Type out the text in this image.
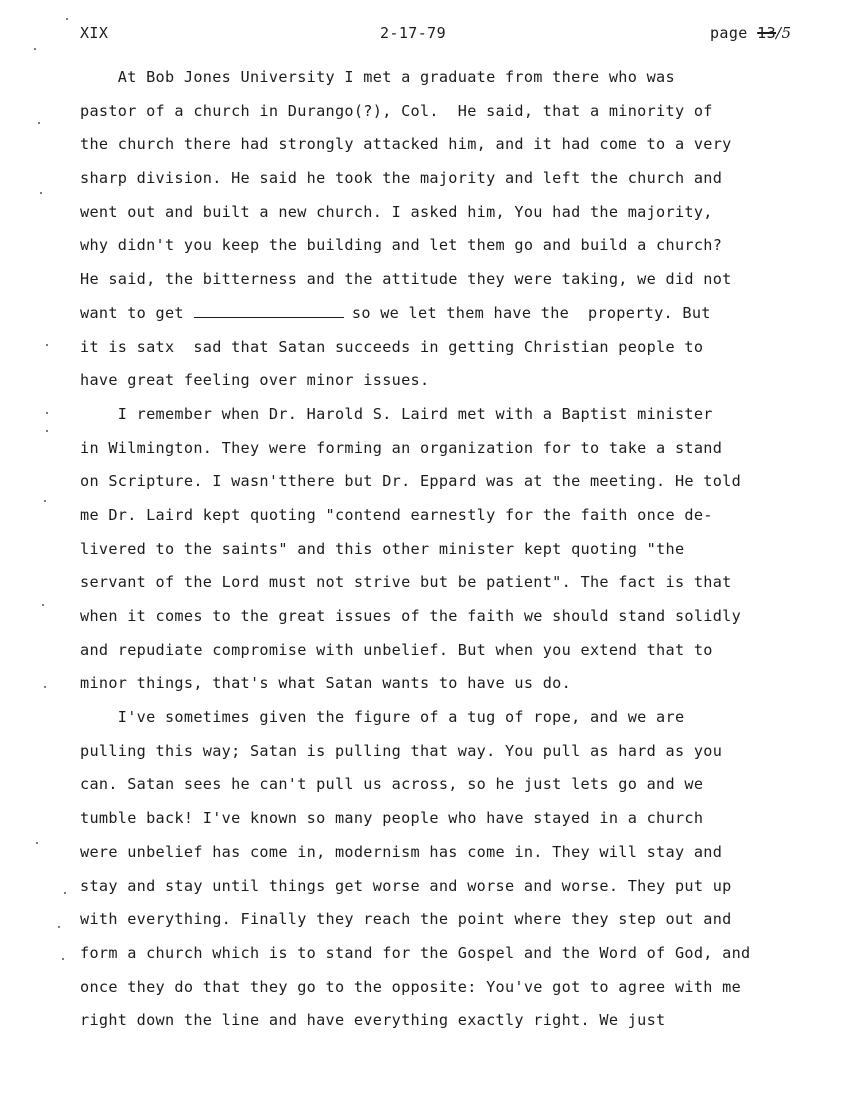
XIX	2-17-79	page 13/5
At Bob Jones University I met a graduate from there who was
pastor of a church in Durango(?), Col.  He said, that a minority of
the church there had strongly attacked him, and it had come to a very
sharp division. He said he took the majority and left the church and
went out and built a new church. I asked him, You had the majority,
why didn't you keep the building and let them go and build a church?
He said, the bitterness and the attitude they were taking, we did not
want to get	so we let them have the  property. But
it is satx  sad that Satan succeeds in getting Christian people to
have great feeling over minor issues.
I remember when Dr. Harold S. Laird met with a Baptist minister
in Wilmington. They were forming an organization for to take a stand
on Scripture. I wasn'tthere but Dr. Eppard was at the meeting. He told
me Dr. Laird kept quoting "contend earnestly for the faith once de-
livered to the saints" and this other minister kept quoting "the
servant of the Lord must not strive but be patient". The fact is that
when it comes to the great issues of the faith we should stand solidly
and repudiate compromise with unbelief. But when you extend that to
minor things, that's what Satan wants to have us do.
I've sometimes given the figure of a tug of rope, and we are
pulling this way; Satan is pulling that way. You pull as hard as you
can. Satan sees he can't pull us across, so he just lets go and we
tumble back! I've known so many people who have stayed in a church
were unbelief has come in, modernism has come in. They will stay and
stay and stay until things get worse and worse and worse. They put up
with everything. Finally they reach the point where they step out and
form a church which is to stand for the Gospel and the Word of God, and
once they do that they go to the opposite: You've got to agree with me
right down the line and have everything exactly right. We just
